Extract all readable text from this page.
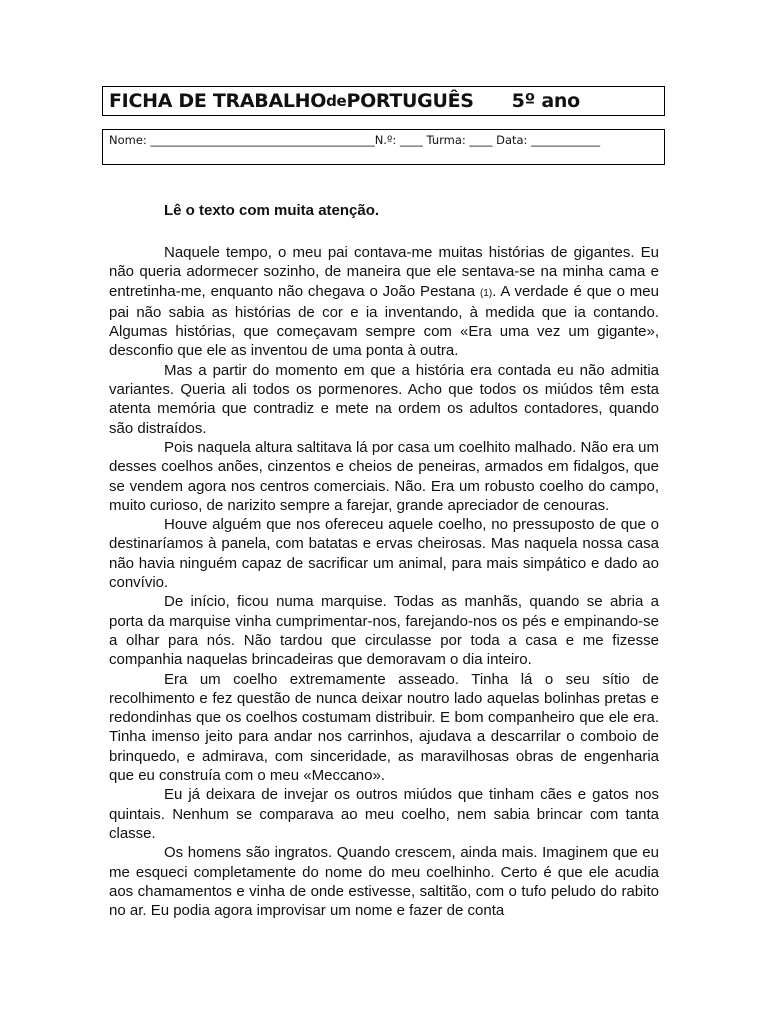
FICHA DE TRABALHO de PORTUGUÊS 5º ano
Nome: _______________________________________N.º: ____ Turma: ____ Data: ____________
Lê o texto com muita atenção.

Naquele tempo, o meu pai contava-me muitas histórias de gigantes. Eu não queria adormecer sozinho, de maneira que ele sentava-se na minha cama e entretinha-me, enquanto não chegava o João Pestana (1). A verdade é que o meu pai não sabia as histórias de cor e ia inventando, à medida que ia contando. Algumas histórias, que começavam sempre com «Era uma vez um gigante», desconfio que ele as inventou de uma ponta à outra.

Mas a partir do momento em que a história era contada eu não admitia variantes. Queria ali todos os pormenores. Acho que todos os miúdos têm esta atenta memória que contradiz e mete na ordem os adultos contadores, quando são distraídos.

Pois naquela altura saltitava lá por casa um coelhito malhado. Não era um desses coelhos anões, cinzentos e cheios de peneiras, armados em fidalgos, que se vendem agora nos centros comerciais. Não. Era um robusto coelho do campo, muito curioso, de narizito sempre a farejar, grande apreciador de cenouras.

Houve alguém que nos ofereceu aquele coelho, no pressuposto de que o destinaríamos à panela, com batatas e ervas cheirosas. Mas naquela nossa casa não havia ninguém capaz de sacrificar um animal, para mais simpático e dado ao convívio.

De início, ficou numa marquise. Todas as manhãs, quando se abria a porta da marquise vinha cumprimentar-nos, farejando-nos os pés e empinando-se a olhar para nós. Não tardou que circulasse por toda a casa e me fizesse companhia naquelas brincadeiras que demoravam o dia inteiro.

Era um coelho extremamente asseado. Tinha lá o seu sítio de recolhimento e fez questão de nunca deixar noutro lado aquelas bolinhas pretas e redondinhas que os coelhos costumam distribuir. E bom companheiro que ele era. Tinha imenso jeito para andar nos carrinhos, ajudava a descarrilar o comboio de brinquedo, e admirava, com sinceridade, as maravilhosas obras de engenharia que eu construía com o meu «Meccano».

Eu já deixara de invejar os outros miúdos que tinham cães e gatos nos quintais. Nenhum se comparava ao meu coelho, nem sabia brincar com tanta classe.

Os homens são ingratos. Quando crescem, ainda mais. Imaginem que eu me esqueci completamente do nome do meu coelhinho. Certo é que ele acudia aos chamamentos e vinha de onde estivesse, saltitão, com o tufo peludo do rabito no ar. Eu podia agora improvisar um nome e fazer de conta
